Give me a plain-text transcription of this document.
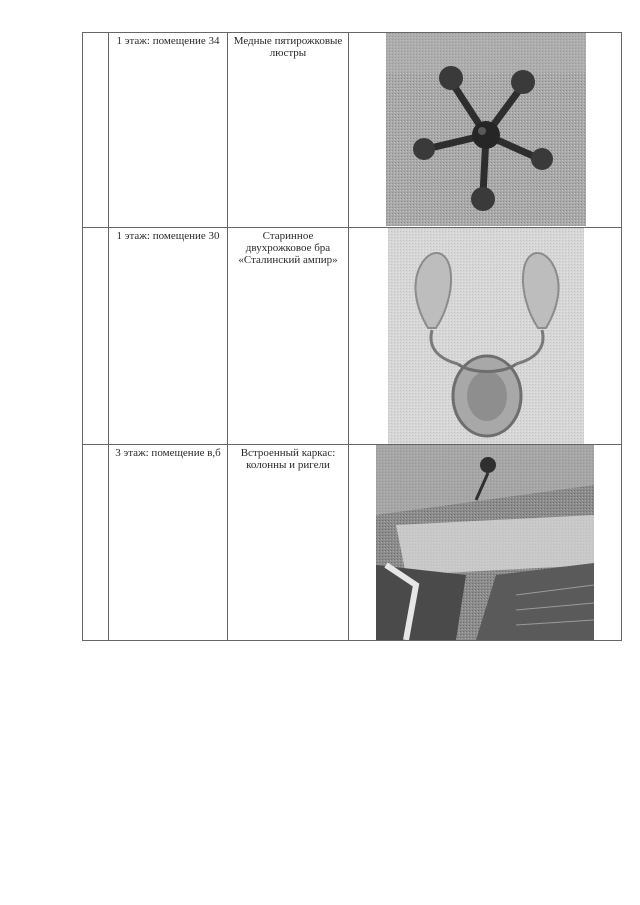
1 этаж: помещение 34	Медные пятирожковые люстры
1 этаж: помещение 30	Старинное двухрожковое бра «Сталинский ампир»
3 этаж: помещение в,б	Встроенный каркас: колонны и ригели
